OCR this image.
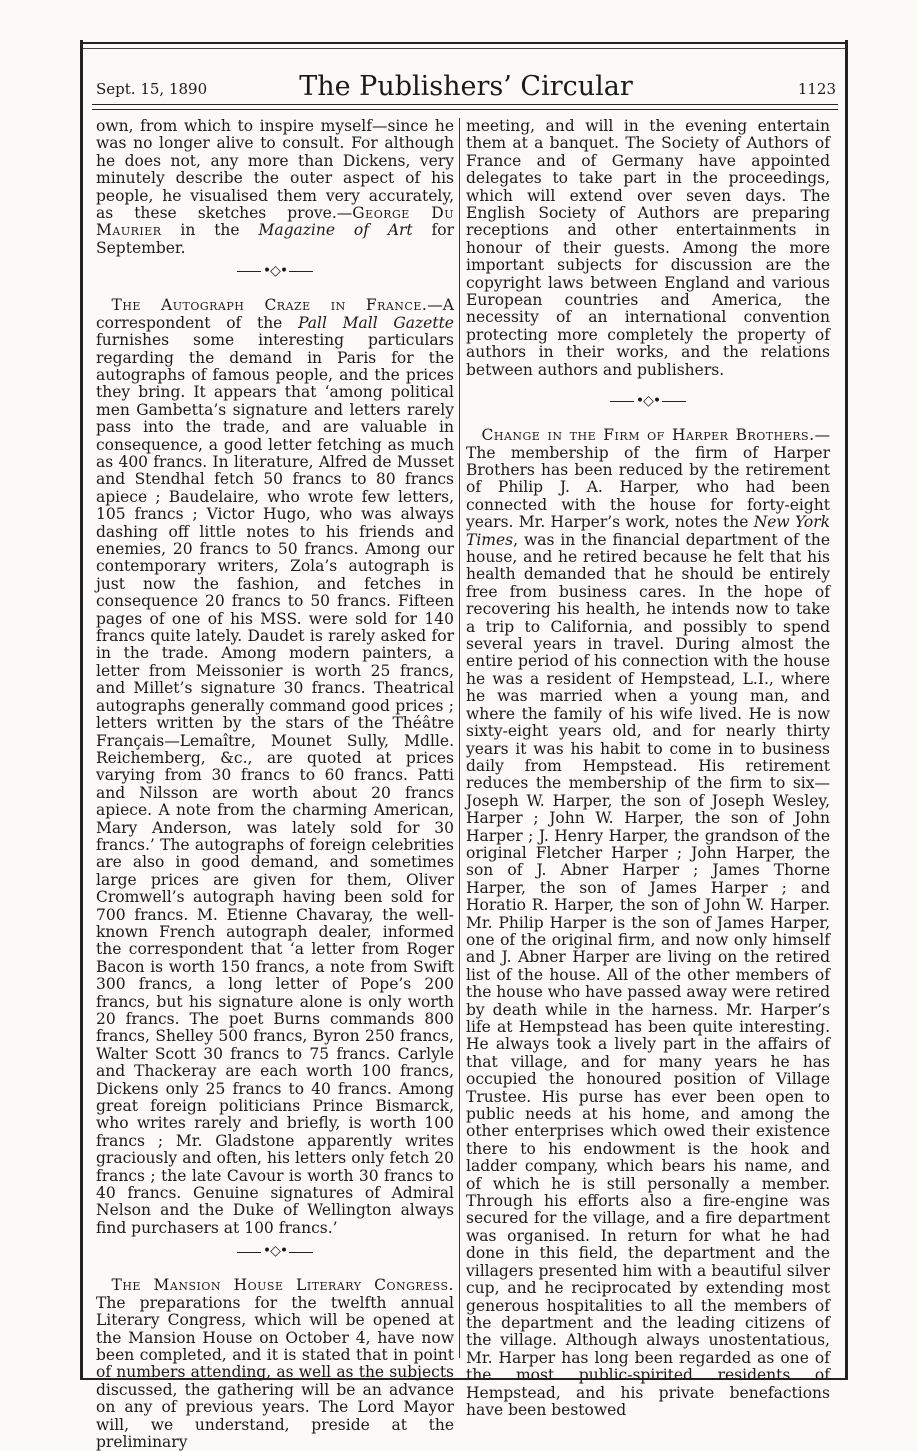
Sept. 15, 1890	The Publishers’ Circular	1123

own, from which to inspire myself—since he was no longer alive to consult. For although he does not, any more than Dickens, very minutely describe the outer aspect of his people, he visualised them very accurately, as these sketches prove.—George Du Maurier in the Magazine of Art for September.

•◇•

 The Autograph Craze in France.—A correspondent of the Pall Mall Gazette furnishes some interesting particulars regarding the demand in Paris for the autographs of famous people, and the prices they bring. It appears that ‘among political men Gambetta’s signature and letters rarely pass into the trade, and are valuable in consequence, a good letter fetching as much as 400 francs. In literature, Alfred de Musset and Stendhal fetch 50 francs to 80 francs apiece ; Baudelaire, who wrote few letters, 105 francs ; Victor Hugo, who was always dashing off little notes to his friends and enemies, 20 francs to 50 francs. Among our contemporary writers, Zola’s autograph is just now the fashion, and fetches in consequence 20 francs to 50 francs. Fifteen pages of one of his MSS. were sold for 140 francs quite lately. Daudet is rarely asked for in the trade. Among modern painters, a letter from Meissonier is worth 25 francs, and Millet’s signature 30 francs. Theatrical autographs generally command good prices ; letters written by the stars of the Théâtre Français—Lemaître, Mounet Sully, Mdlle. Reichemberg, &c., are quoted at prices varying from 30 francs to 60 francs. Patti and Nilsson are worth about 20 francs apiece. A note from the charming American, Mary Anderson, was lately sold for 30 francs.’ The autographs of foreign celebrities are also in good demand, and sometimes large prices are given for them, Oliver Cromwell’s autograph having been sold for 700 francs. M. Etienne Chavaray, the well-known French autograph dealer, informed the correspondent that ‘a letter from Roger Bacon is worth 150 francs, a note from Swift 300 francs, a long letter of Pope’s 200 francs, but his signature alone is only worth 20 francs. The poet Burns commands 800 francs, Shelley 500 francs, Byron 250 francs, Walter Scott 30 francs to 75 francs. Carlyle and Thackeray are each worth 100 francs, Dickens only 25 francs to 40 francs. Among great foreign politicians Prince Bismarck, who writes rarely and briefly, is worth 100 francs ; Mr. Gladstone apparently writes graciously and often, his letters only fetch 20 francs ; the late Cavour is worth 30 francs to 40 francs. Genuine signatures of Admiral Nelson and the Duke of Wellington always find purchasers at 100 francs.’

•◇•

 The Mansion House Literary Congress. The preparations for the twelfth annual Literary Congress, which will be opened at the Mansion House on October 4, have now been completed, and it is stated that in point of numbers attending, as well as the subjects discussed, the gathering will be an advance on any of previous years. The Lord Mayor will, we understand, preside at the preliminary

meeting, and will in the evening entertain them at a banquet. The Society of Authors of France and of Germany have appointed delegates to take part in the proceedings, which will extend over seven days. The English Society of Authors are preparing receptions and other entertainments in honour of their guests. Among the more important subjects for discussion are the copyright laws between England and various European countries and America, the necessity of an international convention protecting more completely the property of authors in their works, and the relations between authors and publishers.

•◇•

 Change in the Firm of Harper Brothers.—The membership of the firm of Harper Brothers has been reduced by the retirement of Philip J. A. Harper, who had been connected with the house for forty-eight years. Mr. Harper’s work, notes the New York Times, was in the financial department of the house, and he retired because he felt that his health demanded that he should be entirely free from business cares. In the hope of recovering his health, he intends now to take a trip to California, and possibly to spend several years in travel. During almost the entire period of his connection with the house he was a resident of Hempstead, L.I., where he was married when a young man, and where the family of his wife lived. He is now sixty-eight years old, and for nearly thirty years it was his habit to come in to business daily from Hempstead. His retirement reduces the membership of the firm to six—Joseph W. Harper, the son of Joseph Wesley, Harper ; John W. Harper, the son of John Harper ; J. Henry Harper, the grandson of the original Fletcher Harper ; John Harper, the son of J. Abner Harper ; James Thorne Harper, the son of James Harper ; and Horatio R. Harper, the son of John W. Harper. Mr. Philip Harper is the son of James Harper, one of the original firm, and now only himself and J. Abner Harper are living on the retired list of the house. All of the other members of the house who have passed away were retired by death while in the harness. Mr. Harper’s life at Hempstead has been quite interesting. He always took a lively part in the affairs of that village, and for many years he has occupied the honoured position of Village Trustee. His purse has ever been open to public needs at his home, and among the other enterprises which owed their existence there to his endowment is the hook and ladder company, which bears his name, and of which he is still personally a member. Through his efforts also a fire-engine was secured for the village, and a fire department was organised. In return for what he had done in this field, the department and the villagers presented him with a beautiful silver cup, and he reciprocated by extending most generous hospitalities to all the members of the department and the leading citizens of the village. Although always unostentatious, Mr. Harper has long been regarded as one of the most public-spirited residents of Hempstead, and his private benefactions have been bestowed
